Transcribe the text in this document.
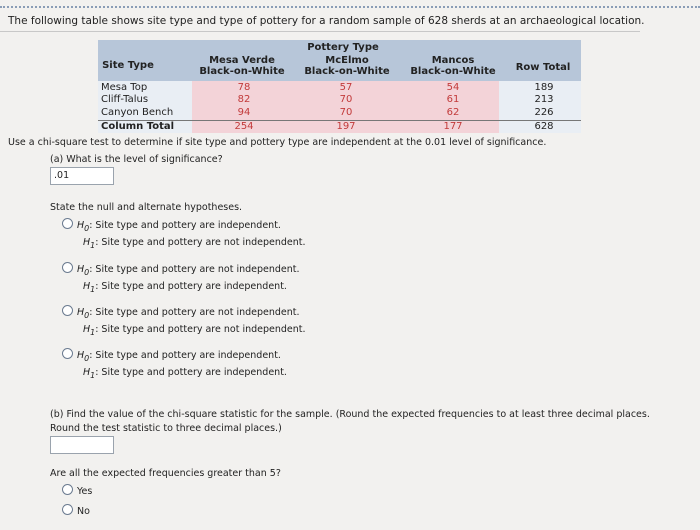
The following table shows site type and type of pottery for a random sample of 628 sherds at an archaeological location.
Site Type
Pottery Type
Mesa Verde
Black-on-White
McElmo
Black-on-White
Mancos
Black-on-White	Row Total
Mesa Top	78	57	54	189
Cliff-Talus	82	70	61	213
Canyon Bench	94	70	62	226
Column Total	254	197	177	628
Use a chi-square test to determine if site type and pottery type are independent at the 0.01 level of significance.
(a) What is the level of significance?
.01
State the null and alternate hypotheses.
$H_0$: Site type and pottery are independent.
$H_1$: Site type and pottery are not independent.
$H_0$: Site type and pottery are not independent.
$H_1$: Site type and pottery are independent.
$H_0$: Site type and pottery are not independent.
$H_1$: Site type and pottery are not independent.
$H_0$: Site type and pottery are independent.
$H_1$: Site type and pottery are independent.
(b) Find the value of the chi-square statistic for the sample. (Round the expected frequencies to at least three decimal places.
Round the test statistic to three decimal places.)
Are all the expected frequencies greater than 5?
Yes
No
